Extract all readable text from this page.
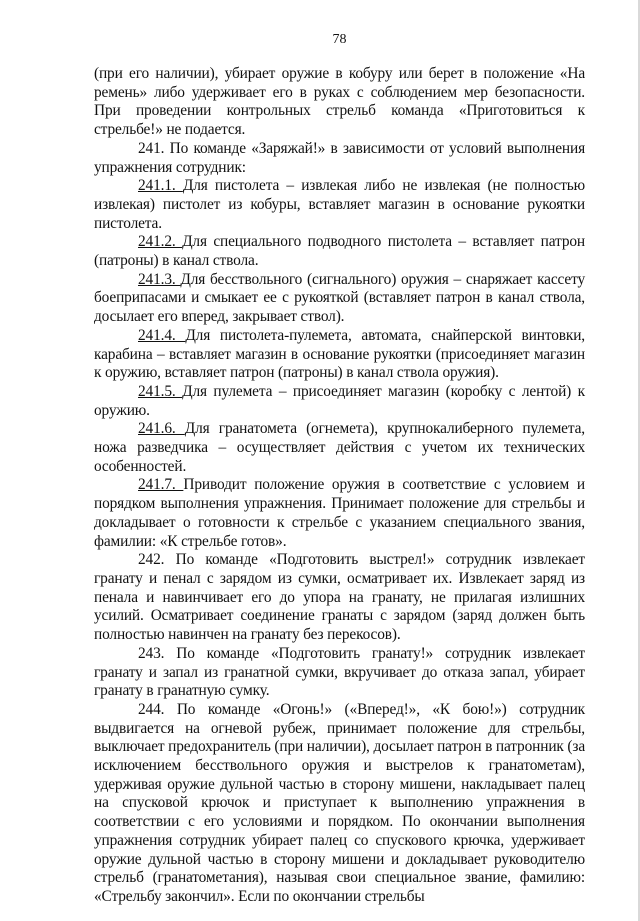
78

(при его наличии), убирает оружие в кобуру или берет в положение «На ремень» либо удерживает его в руках с соблюдением мер безопасности. При проведении контрольных стрельб команда «Приготовиться к стрельбе!» не подается.

241. По команде «Заряжай!» в зависимости от условий выполнения упражнения сотрудник:

241.1. Для пистолета – извлекая либо не извлекая (не полностью извлекая) пистолет из кобуры, вставляет магазин в основание рукоятки пистолета.

241.2. Для специального подводного пистолета – вставляет патрон (патроны) в канал ствола.

241.3. Для бесствольного (сигнального) оружия – снаряжает кассету боеприпасами и смыкает ее с рукояткой (вставляет патрон в канал ствола, досылает его вперед, закрывает ствол).

241.4. Для пистолета-пулемета, автомата, снайперской винтовки, карабина – вставляет магазин в основание рукоятки (присоединяет магазин к оружию, вставляет патрон (патроны) в канал ствола оружия).

241.5. Для пулемета – присоединяет магазин (коробку с лентой) к оружию.

241.6. Для гранатомета (огнемета), крупнокалиберного пулемета, ножа разведчика – осуществляет действия с учетом их технических особенностей.

241.7. Приводит положение оружия в соответствие с условием и порядком выполнения упражнения. Принимает положение для стрельбы и докладывает о готовности к стрельбе с указанием специального звания, фамилии: «К стрельбе готов».

242. По команде «Подготовить выстрел!» сотрудник извлекает гранату и пенал с зарядом из сумки, осматривает их. Извлекает заряд из пенала и навинчивает его до упора на гранату, не прилагая излишних усилий. Осматривает соединение гранаты с зарядом (заряд должен быть полностью навинчен на гранату без перекосов).

243. По команде «Подготовить гранату!» сотрудник извлекает гранату и запал из гранатной сумки, вкручивает до отказа запал, убирает гранату в гранатную сумку.

244. По команде «Огонь!» («Вперед!», «К бою!») сотрудник выдвигается на огневой рубеж, принимает положение для стрельбы, выключает предохранитель (при наличии), досылает патрон в патронник (за исключением бесствольного оружия и выстрелов к гранатометам), удерживая оружие дульной частью в сторону мишени, накладывает палец на спусковой крючок и приступает к выполнению упражнения в соответствии с его условиями и порядком. По окончании выполнения упражнения сотрудник убирает палец со спускового крючка, удерживает оружие дульной частью в сторону мишени и докладывает руководителю стрельб (гранатометания), называя свои специальное звание, фамилию: «Стрельбу закончил». Если по окончании стрельбы
